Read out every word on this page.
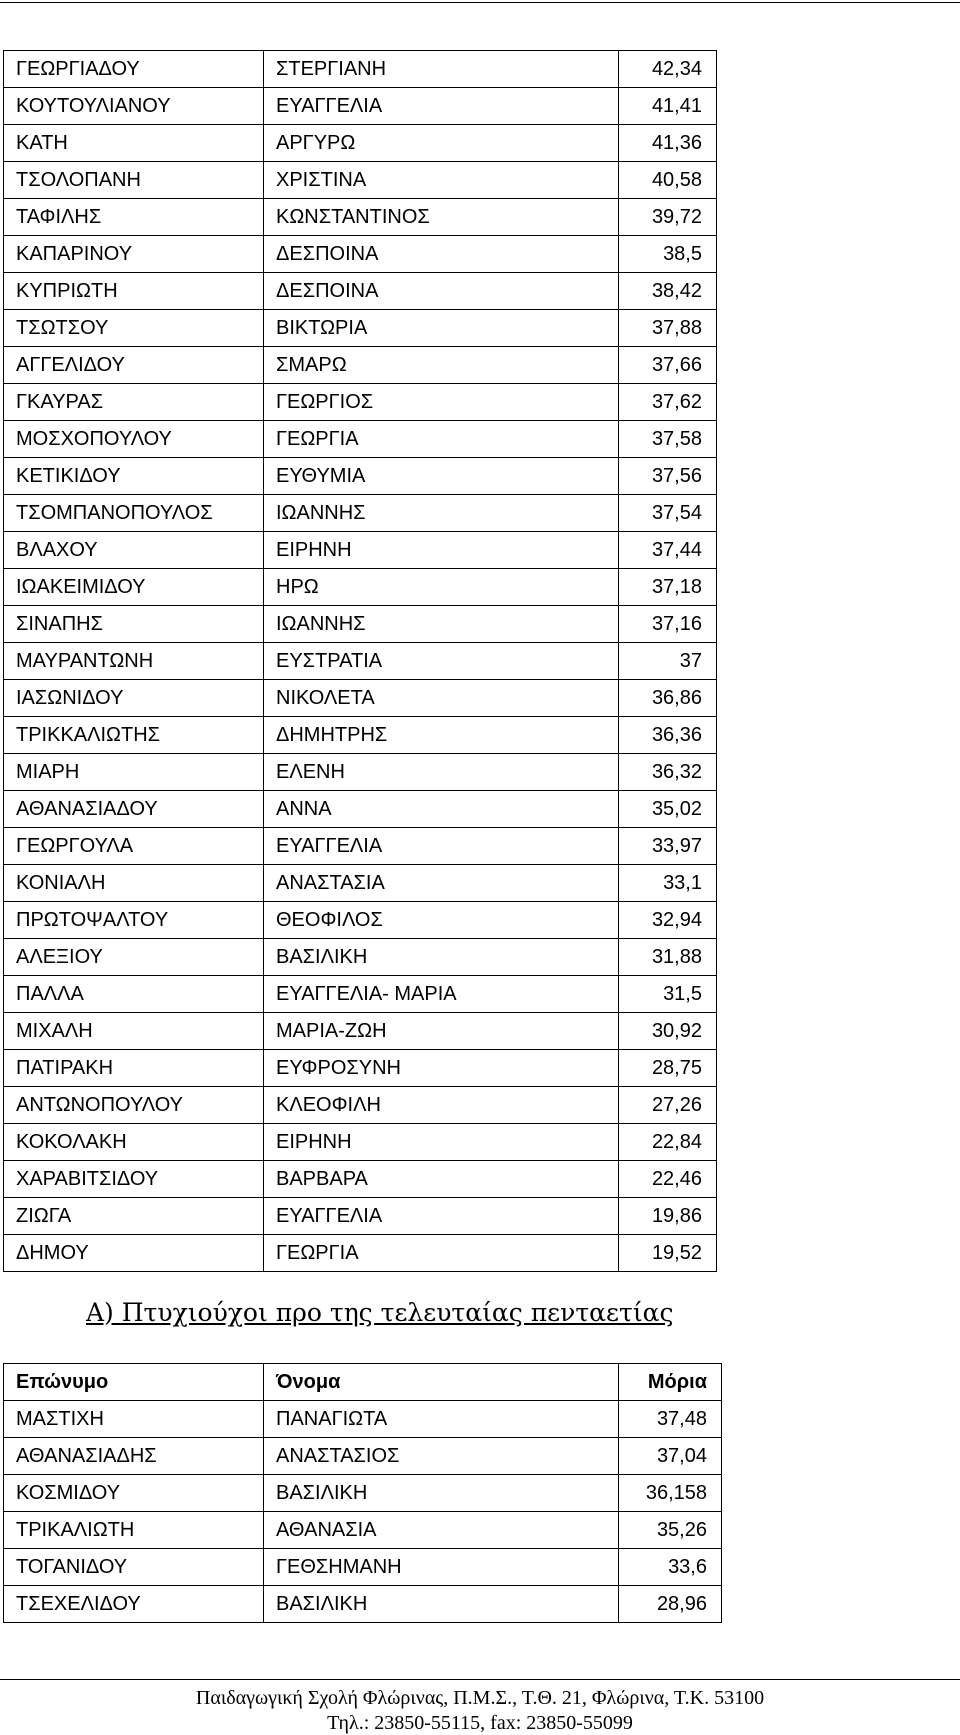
ΓΕΩΡΓΙΑΔΟΥ	ΣΤΕΡΓΙΑΝΗ	42,34
ΚΟΥΤΟΥΛΙΑΝΟΥ	ΕΥΑΓΓΕΛΙΑ	41,41
ΚΑΤΗ	ΑΡΓΥΡΩ	41,36
ΤΣΟΛΟΠΑΝΗ	ΧΡΙΣΤΙΝΑ	40,58
ΤΑΦΙΛΗΣ	ΚΩΝΣΤΑΝΤΙΝΟΣ	39,72
ΚΑΠΑΡΙΝΟΥ	ΔΕΣΠΟΙΝΑ	38,5
ΚΥΠΡΙΩΤΗ	ΔΕΣΠΟΙΝΑ	38,42
ΤΣΩΤΣΟΥ	ΒΙΚΤΩΡΙΑ	37,88
ΑΓΓΕΛΙΔΟΥ	ΣΜΑΡΩ	37,66
ΓΚΑΥΡΑΣ	ΓΕΩΡΓΙΟΣ	37,62
ΜΟΣΧΟΠΟΥΛΟΥ	ΓΕΩΡΓΙΑ	37,58
ΚΕΤΙΚΙΔΟΥ	ΕΥΘΥΜΙΑ	37,56
ΤΣΟΜΠΑΝΟΠΟΥΛΟΣ	ΙΩΑΝΝΗΣ	37,54
ΒΛΑΧΟΥ	ΕΙΡΗΝΗ	37,44
ΙΩΑΚΕΙΜΙΔΟΥ	ΗΡΩ	37,18
ΣΙΝΑΠΗΣ	ΙΩΑΝΝΗΣ	37,16
ΜΑΥΡΑΝΤΩΝΗ	ΕΥΣΤΡΑΤΙΑ	37
ΙΑΣΩΝΙΔΟΥ	ΝΙΚΟΛΕΤΑ	36,86
ΤΡΙΚΚΑΛΙΩΤΗΣ	ΔΗΜΗΤΡΗΣ	36,36
ΜΙΑΡΗ	ΕΛΕΝΗ	36,32
ΑΘΑΝΑΣΙΑΔΟΥ	ΑΝΝΑ	35,02
ΓΕΩΡΓΟΥΛΑ	ΕΥΑΓΓΕΛΙΑ	33,97
ΚΟΝΙΑΛΗ	ΑΝΑΣΤΑΣΙΑ	33,1
ΠΡΩΤΟΨΑΛΤΟΥ	ΘΕΟΦΙΛΟΣ	32,94
ΑΛΕΞΙΟΥ	ΒΑΣΙΛΙΚΗ	31,88
ΠΑΛΛΑ	ΕΥΑΓΓΕΛΙΑ- ΜΑΡΙΑ	31,5
ΜΙΧΑΛΗ	ΜΑΡΙΑ-ΖΩΗ	30,92
ΠΑΤΙΡΑΚΗ	ΕΥΦΡΟΣΥΝΗ	28,75
ΑΝΤΩΝΟΠΟΥΛΟΥ	ΚΛΕΟΦΙΛΗ	27,26
ΚΟΚΟΛΑΚΗ	ΕΙΡΗΝΗ	22,84
ΧΑΡΑΒΙΤΣΙΔΟΥ	ΒΑΡΒΑΡΑ	22,46
ΖΙΩΓΑ	ΕΥΑΓΓΕΛΙΑ	19,86
ΔΗΜΟΥ	ΓΕΩΡΓΙΑ	19,52
Α) Πτυχιούχοι προ της τελευταίας πενταετίας
Επώνυμο	Όνομα	Μόρια
ΜΑΣΤΙΧΗ	ΠΑΝΑΓΙΩΤΑ	37,48
ΑΘΑΝΑΣΙΑΔΗΣ	ΑΝΑΣΤΑΣΙΟΣ	37,04
ΚΟΣΜΙΔΟΥ	ΒΑΣΙΛΙΚΗ	36,158
ΤΡΙΚΑΛΙΩΤΗ	ΑΘΑΝΑΣΙΑ	35,26
ΤΟΓΑΝΙΔΟΥ	ΓΕΘΣΗΜΑΝΗ	33,6
ΤΣΕΧΕΛΙΔΟΥ	ΒΑΣΙΛΙΚΗ	28,96
Παιδαγωγική Σχολή Φλώρινας, Π.Μ.Σ., Τ.Θ. 21, Φλώρινα, Τ.Κ. 53100
Τηλ.: 23850-55115, fax: 23850-55099
